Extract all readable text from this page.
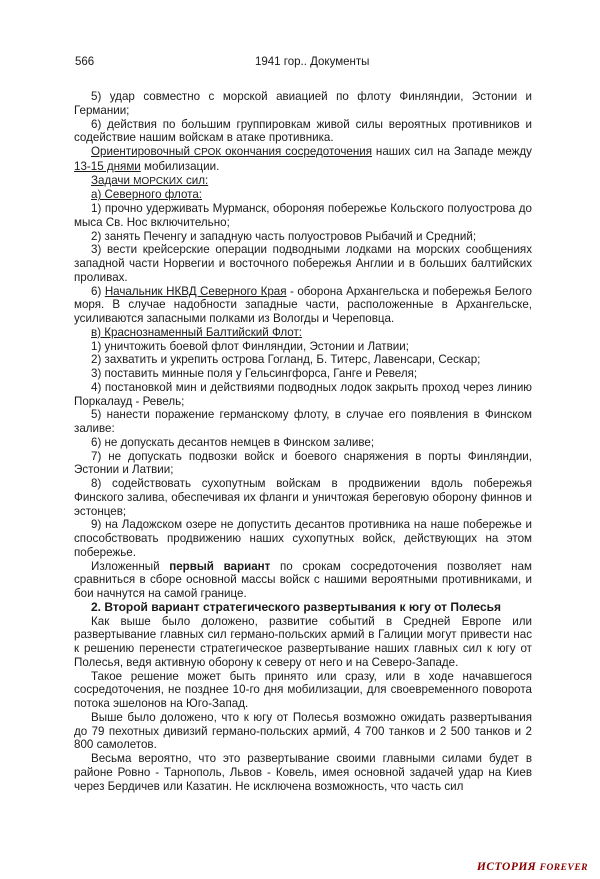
566	1941 гор.. Документы

5) удар совместно с морской авиацией по флоту Финляндии, Эстонии и Германии;

6) действия по большим группировкам живой силы вероятных противников и содействие нашим войскам в атаке противника.

Ориентировочный СРОК окончания сосредоточения наших сил на Западе между 13-15 днями мобилизации.

Задачи МОРСКИХ сил:

а) Северного флота:

1) прочно удерживать Мурманск, обороняя побережье Кольского полуострова до мыса Св. Нос включительно;

2) занять Печенгу и западную часть полуостровов Рыбачий и Средний;

3) вести крейсерские операции подводными лодками на морских сообщениях западной части Норвегии и восточного побережья Англии и в больших балтийских проливах.

6) Начальник НКВД Северного Края - оборона Архангельска и побережья Белого моря. В случае надобности западные части, расположенные в Архангельске, усиливаются запасными полками из Вологды и Череповца.

в) Краснознаменный Балтийский Флот:

1) уничтожить боевой флот Финляндии, Эстонии и Латвии;

2) захватить и укрепить острова Гогланд, Б. Титерс, Лавенсари, Сескар;

3) поставить минные поля у Гельсингфорса, Ганге и Ревеля;

4) постановкой мин и действиями подводных лодок закрыть проход через линию Поркалауд - Ревель;

5) нанести поражение германскому флоту, в случае его появления в Финском заливе:

6) не допускать десантов немцев в Финском заливе;

7) не допускать подвозки войск и боевого снаряжения в порты Финляндии, Эстонии и Латвии;

8) содействовать сухопутным войскам в продвижении вдоль побережья Финского залива, обеспечивая их фланги и уничтожая береговую оборону финнов и эстонцев;

9) на Ладожском озере не допустить десантов противника на наше побережье и способствовать продвижению наших сухопутных войск, действующих на этом побережье.

Изложенный первый вариант по срокам сосредоточения позволяет нам сравниться в сборе основной массы войск с нашими вероятными противниками, и бои начнутся на самой границе.

2. Второй вариант стратегического развертывания к югу от Полесья

Как выше было доложено, развитие событий в Средней Европе или развертывание главных сил германо-польских армий в Галиции могут привести нас к решению перенести стратегическое развертывание наших главных сил к югу от Полесья, ведя активную оборону к северу от него и на Северо-Западе.

Такое решение может быть принято или сразу, или в ходе начавшегося сосредоточения, не позднее 10-го дня мобилизации, для своевременного поворота потока эшелонов на Юго-Запад.

Выше было доложено, что к югу от Полесья возможно ожидать развертывания до 79 пехотных дивизий германо-польских армий, 4 700 танков и 2 500 танков и 2 800 самолетов.

Весьма вероятно, что это развертывание своими главными силами будет в районе Ровно - Тарнополь, Львов - Ковель, имея основной задачей удар на Киев через Бердичев или Казатин. Не исключена возможность, что часть сил

ИСТОРИЯ FOREVER
